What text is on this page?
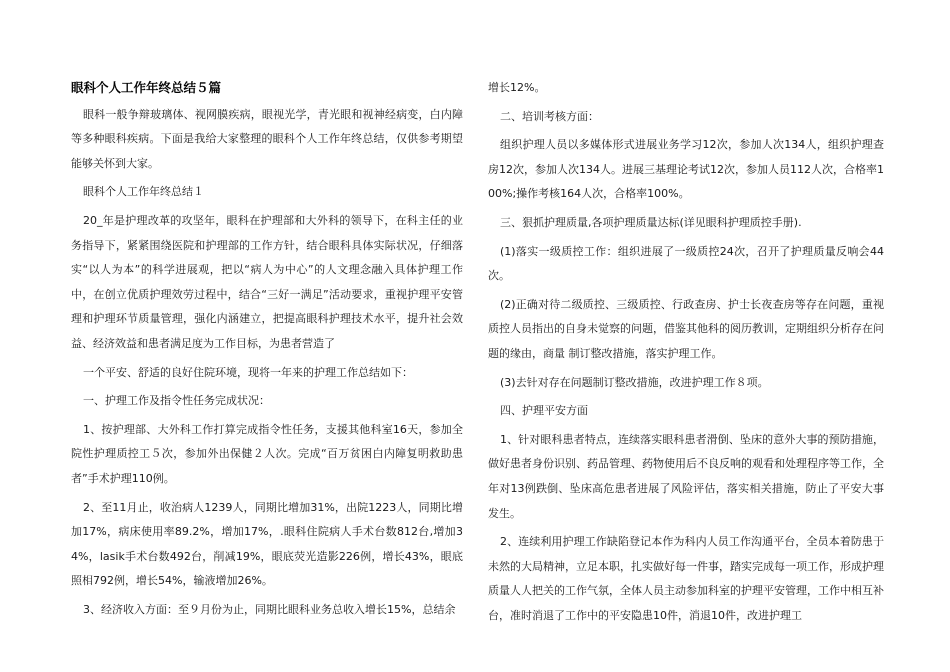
眼科个人工作年终总结５篇

眼科一般争辩玻璃体、视网膜疾病，眼视光学，青光眼和视神经病变，白内障等多种眼科疾病。下面是我给大家整理的眼科个人工作年终总结，仅供参考期望能够关怀到大家。

眼科个人工作年终总结１

20_年是护理改革的攻坚年，眼科在护理部和大外科的领导下，在科主任的业务指导下，紧紧围绕医院和护理部的工作方针，结合眼科具体实际状况，仔细落实“以人为本”的科学进展观，把以“病人为中心”的人文理念融入具体护理工作中，在创立优质护理效劳过程中，结合“三好一满足”活动要求，重视护理平安管理和护理环节质量管理，强化内涵建立，把提高眼科护理技术水平，提升社会效益、经济效益和患者满足度为工作目标，为患者营造了

一个平安、舒适的良好住院环境，现将一年来的护理工作总结如下：

一、护理工作及指令性任务完成状况：

1、按护理部、大外科工作打算完成指令性任务，支援其他科室16天，参加全院性护理质控工５次，参加外出保健２人次。完成“百万贫困白内障复明救助患者”手术护理110例。

2、至11月止，收治病人1239人，同期比增加31%，出院1223人，同期比增加17%，病床使用率89.2%，增加17%，.眼科住院病人手术台数812台,增加34%，lasik手术台数492台，削减19%，眼底荧光造影226例，增长43%，眼底照相792例，增长54%，输液增加26%。

3、经济收入方面：至９月份为止，同期比眼科业务总收入增长15%，总结余

增长12%。

二、培训考核方面：

组织护理人员以多媒体形式进展业务学习12次，参加人次134人，组织护理查房12次，参加人次134人。进展三基理论考试12次，参加人员112人次，合格率100%;操作考核164人次，合格率100%。

三、狠抓护理质量,各项护理质量达标(详见眼科护理质控手册).

(1)落实一级质控工作：组织进展了一级质控24次，召开了护理质量反响会44次。

(2)正确对待二级质控、三级质控、行政查房、护士长夜查房等存在问题，重视质控人员指出的自身未觉察的问题，借鉴其他科的阅历教训，定期组织分析存在问题的缘由，商量 制订整改措施，落实护理工作。

(3)去针对存在问题制订整改措施，改进护理工作８项。

四、护理平安方面

1、针对眼科患者特点，连续落实眼科患者滑倒、坠床的意外大事的预防措施，做好患者身份识别、药品管理、药物使用后不良反响的观看和处理程序等工作，全年对13例跌倒、坠床高危患者进展了风险评估，落实相关措施，防止了平安大事发生。

2、连续利用护理工作缺陷登记本作为科内人员工作沟通平台，全员本着防患于未然的大局精神，立足本职，扎实做好每一件事，踏实完成每一项工作，形成护理质量人人把关的工作气氛，全体人员主动参加科室的护理平安管理，工作中相互补台，准时消退了工作中的平安隐患10件，消退10件，改进护理工
